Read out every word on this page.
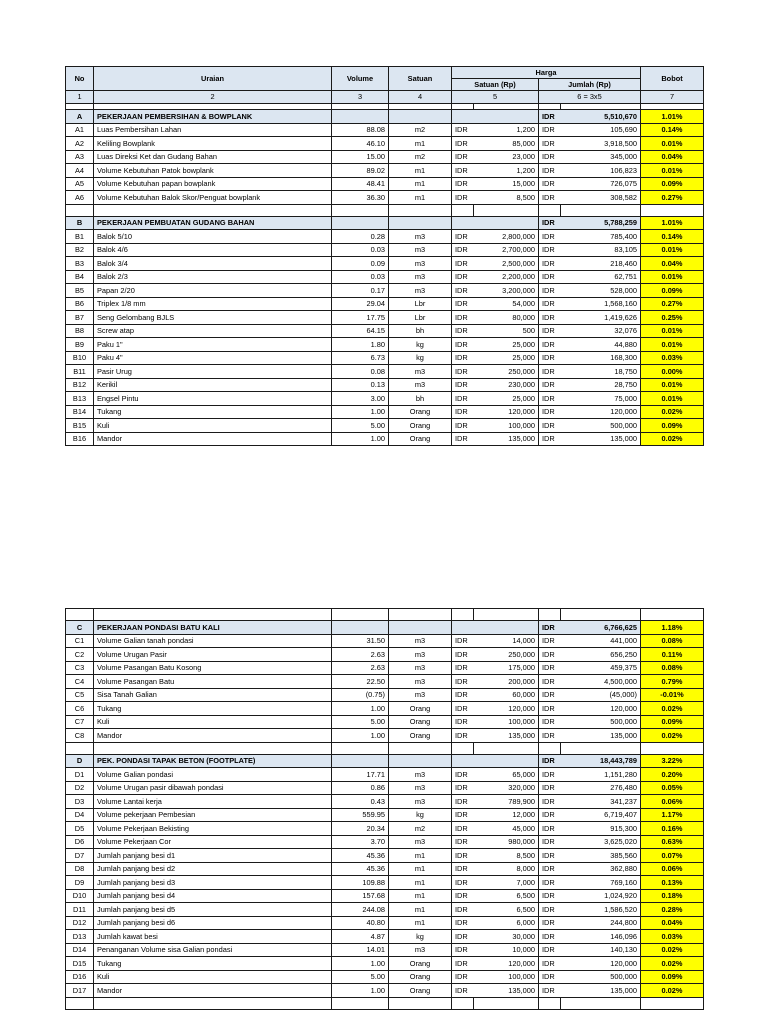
No	Uraian	Volume	Satuan	Harga				Bobot
				Satuan (Rp)		Jumlah (Rp)		
1	2	3	4	5		6 = 3x5		7

A	PEKERJAAN PEMBERSIHAN & BOWPLANK					IDR	5,510,670	1.01%
A1	Luas Pembersihan Lahan	88.08	m2	IDR	1,200	IDR	105,690	0.14%
A2	Keliling Bowplank	46.10	m1	IDR	85,000	IDR	3,918,500	0.01%
A3	Luas Direksi Ket dan Gudang Bahan	15.00	m2	IDR	23,000	IDR	345,000	0.04%
A4	Volume Kebutuhan Patok bowplank	89.02	m1	IDR	1,200	IDR	106,823	0.01%
A5	Volume Kebutuhan papan bowplank	48.41	m1	IDR	15,000	IDR	726,075	0.09%
A6	Volume Kebutuhan Balok Skor/Penguat bowplank	36.30	m1	IDR	8,500	IDR	308,582	0.27%

B	PEKERJAAN PEMBUATAN GUDANG BAHAN					IDR	5,788,259	1.01%
B1	Balok 5/10	0.28	m3	IDR	2,800,000	IDR	785,400	0.14%
B2	Balok 4/6	0.03	m3	IDR	2,700,000	IDR	83,105	0.01%
B3	Balok 3/4	0.09	m3	IDR	2,500,000	IDR	218,460	0.04%
B4	Balok 2/3	0.03	m3	IDR	2,200,000	IDR	62,751	0.01%
B5	Papan 2/20	0.17	m3	IDR	3,200,000	IDR	528,000	0.09%
B6	Triplex 1/8 mm	29.04	Lbr	IDR	54,000	IDR	1,568,160	0.27%
B7	Seng Gelombang BJLS	17.75	Lbr	IDR	80,000	IDR	1,419,626	0.25%
B8	Screw atap	64.15	bh	IDR	500	IDR	32,076	0.01%
B9	Paku 1"	1.80	kg	IDR	25,000	IDR	44,880	0.01%
B10	Paku 4"	6.73	kg	IDR	25,000	IDR	168,300	0.03%
B11	Pasir Urug	0.08	m3	IDR	250,000	IDR	18,750	0.00%
B12	Kerikil	0.13	m3	IDR	230,000	IDR	28,750	0.01%
B13	Engsel Pintu	3.00	bh	IDR	25,000	IDR	75,000	0.01%
B14	Tukang	1.00	Orang	IDR	120,000	IDR	120,000	0.02%
B15	Kuli	5.00	Orang	IDR	100,000	IDR	500,000	0.09%
B16	Mandor	1.00	Orang	IDR	135,000	IDR	135,000	0.02%

C	PEKERJAAN PONDASI BATU KALI					IDR	6,766,625	1.18%
C1	Volume Galian tanah pondasi	31.50	m3	IDR	14,000	IDR	441,000	0.08%
C2	Volume Urugan Pasir	2.63	m3	IDR	250,000	IDR	656,250	0.11%
C3	Volume Pasangan Batu Kosong	2.63	m3	IDR	175,000	IDR	459,375	0.08%
C4	Volume Pasangan Batu	22.50	m3	IDR	200,000	IDR	4,500,000	0.79%
C5	Sisa Tanah Galian	(0.75)	m3	IDR	60,000	IDR	(45,000)	-0.01%
C6	Tukang	1.00	Orang	IDR	120,000	IDR	120,000	0.02%
C7	Kuli	5.00	Orang	IDR	100,000	IDR	500,000	0.09%
C8	Mandor	1.00	Orang	IDR	135,000	IDR	135,000	0.02%

D	PEK. PONDASI TAPAK BETON (FOOTPLATE)					IDR	18,443,789	3.22%
D1	Volume Galian pondasi	17.71	m3	IDR	65,000	IDR	1,151,280	0.20%
D2	Volume Urugan pasir dibawah pondasi	0.86	m3	IDR	320,000	IDR	276,480	0.05%
D3	Volume Lantai kerja	0.43	m3	IDR	789,900	IDR	341,237	0.06%
D4	Volume pekerjaan Pembesian	559.95	kg	IDR	12,000	IDR	6,719,407	1.17%
D5	Volume Pekerjaan Bekisting	20.34	m2	IDR	45,000	IDR	915,300	0.16%
D6	Volume Pekerjaan Cor	3.70	m3	IDR	980,000	IDR	3,625,020	0.63%
D7	Jumlah panjang besi d1	45.36	m1	IDR	8,500	IDR	385,560	0.07%
D8	Jumlah panjang besi d2	45.36	m1	IDR	8,000	IDR	362,880	0.06%
D9	Jumlah panjang besi d3	109.88	m1	IDR	7,000	IDR	769,160	0.13%
D10	Jumlah panjang besi d4	157.68	m1	IDR	6,500	IDR	1,024,920	0.18%
D11	Jumlah panjang besi d5	244.08	m1	IDR	6,500	IDR	1,586,520	0.28%
D12	Jumlah panjang besi d6	40.80	m1	IDR	6,000	IDR	244,800	0.04%
D13	Jumlah kawat besi	4.87	kg	IDR	30,000	IDR	146,096	0.03%
D14	Penanganan Volume sisa Galian pondasi	14.01	m3	IDR	10,000	IDR	140,130	0.02%
D15	Tukang	1.00	Orang	IDR	120,000	IDR	120,000	0.02%
D16	Kuli	5.00	Orang	IDR	100,000	IDR	500,000	0.09%
D17	Mandor	1.00	Orang	IDR	135,000	IDR	135,000	0.02%
